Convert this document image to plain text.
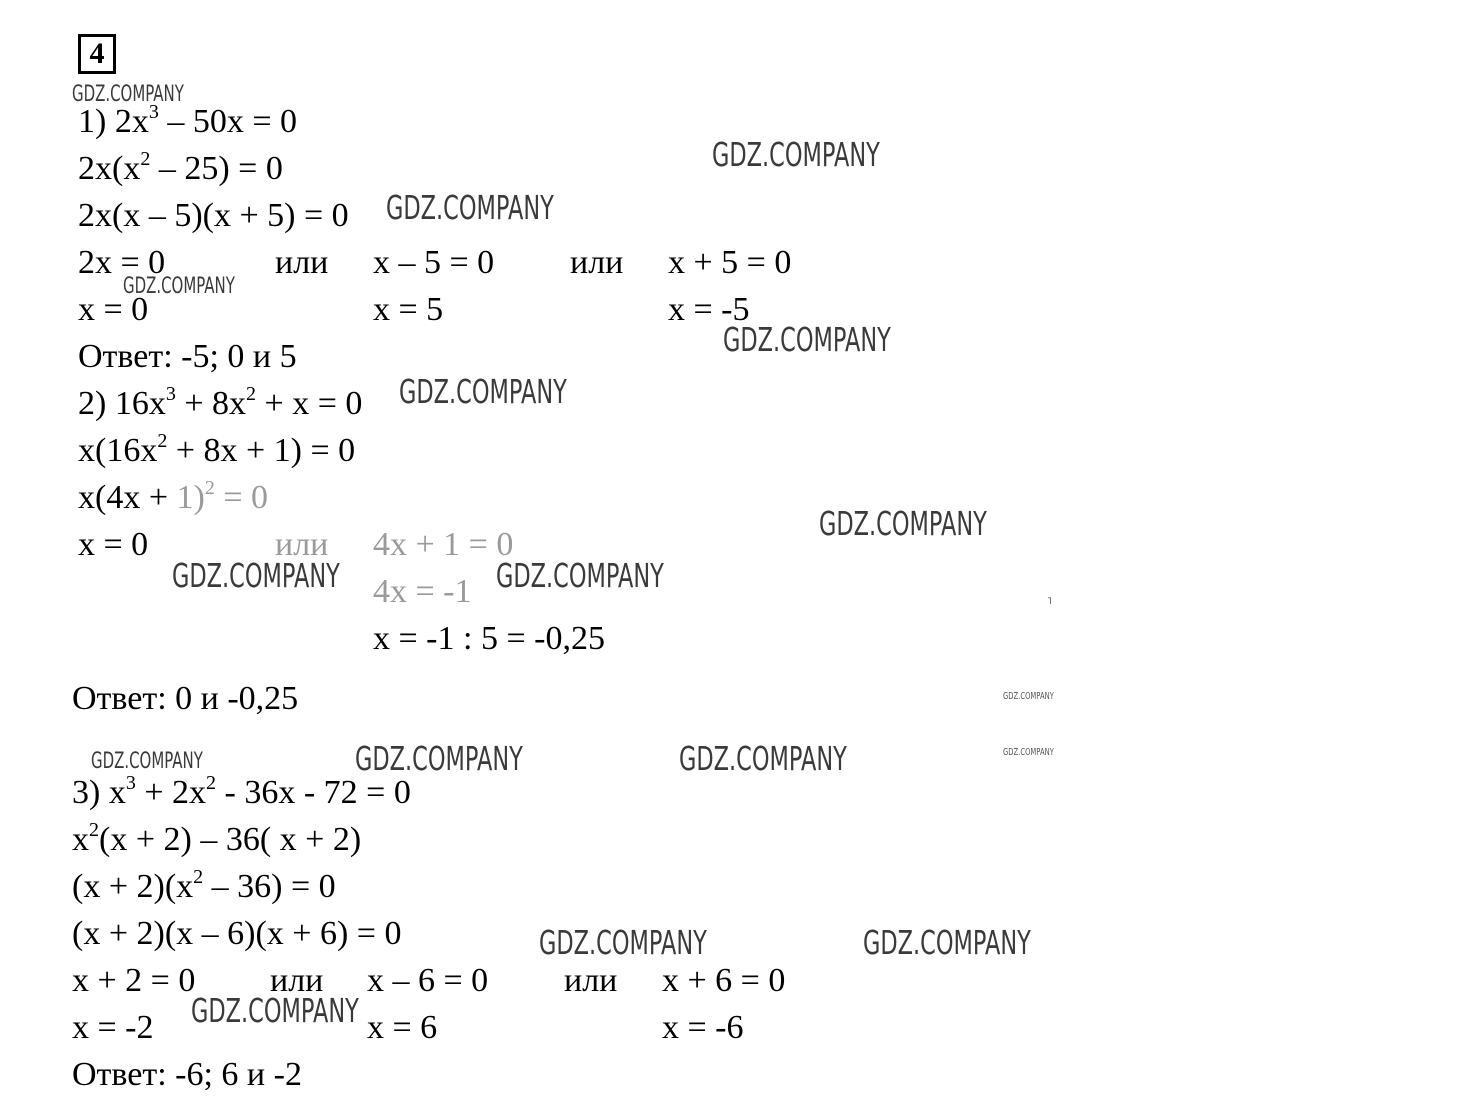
4
1) $2x^3 - 50x = 0$
$2x(x^2 - 25) = 0$
2x(x – 5)(x + 5) = 0
2x = 0	или x – 5 = 0 или x + 5 = 0
x = 0	x = 5	x = -5
Ответ: -5; 0 и 5
2) $16x^3 + 8x^2 + x = 0$
$x(16x^2 + 8x + 1) = 0$
$x(4x + 1)^2 = 0$
x = 0	или 4x + 1 = 0
4x = -1
x = -1 : 5 = -0,25
Ответ: 0 и -0,25
3) $x^3 + 2x^2 - 36x - 72 = 0$
$x^2(x + 2) - 36$( x + 2)
$(x + 2)(x^2 - 36) = 0$
(x + 2)(x – 6)(x + 6) = 0
x + 2 = 0 или x – 6 = 0 или x + 6 = 0
x = -2	x = 6	x = -6
Ответ: -6; 6 и -2
GDZ.COMPANY
GDZ.COMPANY
GDZ.COMPANY
GDZ.COMPANY
GDZ.COMPANY
GDZ.COMPANY
GDZ.COMPANY
GDZ.COMPANY	GDZ.COMPANY
GDZ.COMPANY
GDZ.COMPANY
GDZ.COMPANY	GDZ.COMPANY	GDZ.COMPANY
GDZ.COMPANY	GDZ.COMPANY
GDZ.COMPANY
˥
